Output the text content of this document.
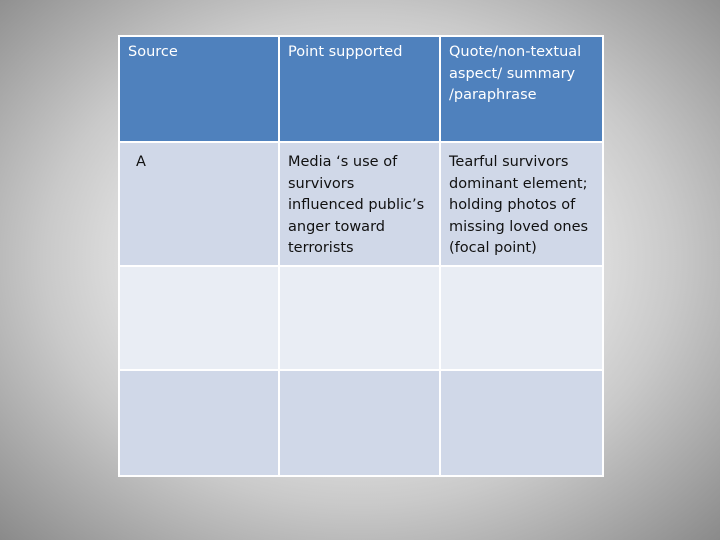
Source	Point supported	Quote/non-textual aspect/ summary /paraphrase
A	Media ‘s use of survivors influenced public’s anger toward terrorists	Tearful survivors dominant element; holding photos of missing loved ones (focal point)
